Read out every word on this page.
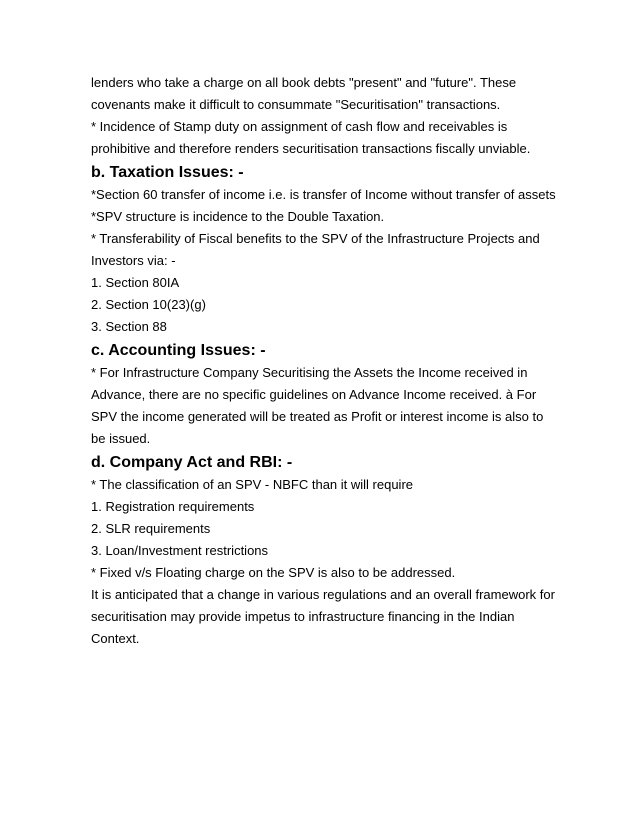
lenders who take a charge on all book debts "present" and "future". These
covenants make it difficult to consummate "Securitisation" transactions.
* Incidence of Stamp duty on assignment of cash flow and receivables is
prohibitive and therefore renders securitisation transactions fiscally unviable.
b. Taxation Issues: -
*Section 60 transfer of income i.e. is transfer of Income without transfer of assets
*SPV structure is incidence to the Double Taxation.
* Transferability of Fiscal benefits to the SPV of the Infrastructure Projects and
Investors via: -
1. Section 80IA
2. Section 10(23)(g)
3. Section 88
c. Accounting Issues: -
* For Infrastructure Company Securitising the Assets the Income received in
Advance, there are no specific guidelines on Advance Income received. à For
SPV the income generated will be treated as Profit or interest income is also to
be issued.
d. Company Act and RBI: -
* The classification of an SPV - NBFC than it will require
1. Registration requirements
2. SLR requirements
3. Loan/Investment restrictions
* Fixed v/s Floating charge on the SPV is also to be addressed.
It is anticipated that a change in various regulations and an overall framework for
securitisation may provide impetus to infrastructure financing in the Indian
Context.
